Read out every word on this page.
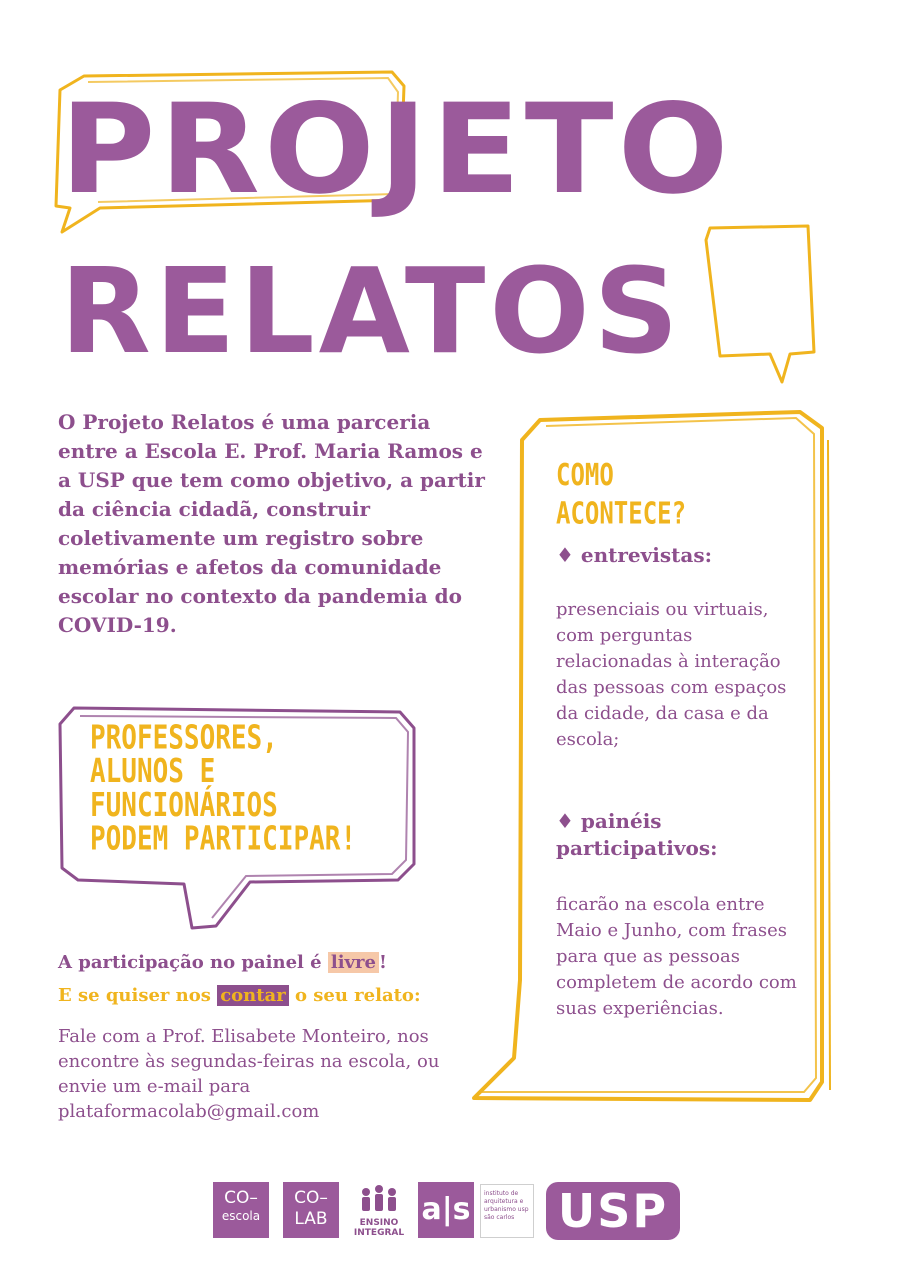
PROJETO
RELATOS

O Projeto Relatos é uma parceria entre a Escola E. Prof. Maria Ramos e a USP que tem como objetivo, a partir da ciência cidadã, construir coletivamente um registro sobre memórias e afetos da comunidade escolar no contexto da pandemia do COVID-19.

PROFESSORES,
ALUNOS E
FUNCIONÁRIOS
PODEM PARTICIPAR!
A participação no painel é livre !
E se quiser nos contar o seu relato:

Fale com a Prof. Elisabete Monteiro, nos encontre às segundas-feiras na escola, ou envie um e-mail para plataformacolab@gmail.com

COMO
ACONTECE?
♦ entrevistas:

presenciais ou virtuais, com perguntas relacionadas à interação das pessoas com espaços da cidade, da casa e da escola;

♦ painéis participativos:

ficarão na escola entre Maio e Junho, com frases para que as pessoas completem de acordo com suas experiências.

CO–
escola
CO–
LAB	ENSINO
INTEGRAL
a|s	instituto de arquitetura e urbanismo usp são carlos USP
